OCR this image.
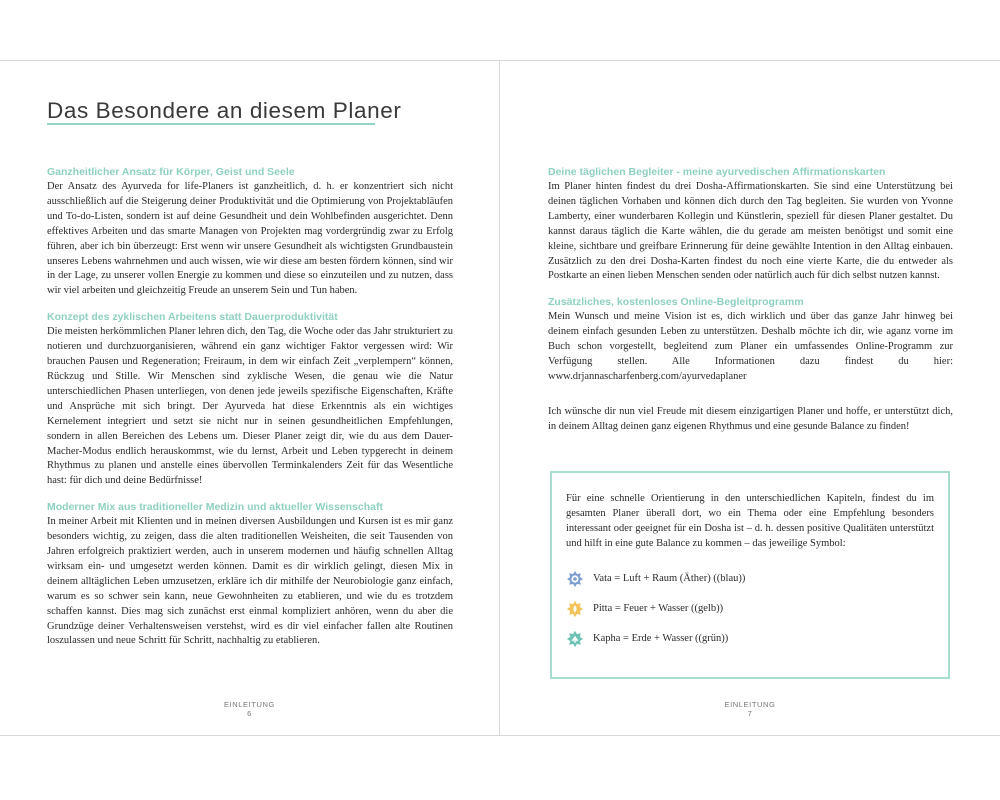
Das Besondere an diesem Planer
Ganzheitlicher Ansatz für Körper, Geist und Seele
Der Ansatz des Ayurveda for life-Planers ist ganzheitlich, d. h. er konzentriert sich nicht ausschließlich auf die Steigerung deiner Produktivität und die Optimierung von Projektabläufen und To-do-Listen, sondern ist auf deine Gesundheit und dein Wohlbefinden ausgerichtet. Denn effektives Arbeiten und das smarte Managen von Projekten mag vordergründig zwar zu Erfolg führen, aber ich bin überzeugt: Erst wenn wir unsere Gesundheit als wichtigsten Grundbaustein unseres Lebens wahrnehmen und auch wissen, wie wir diese am besten fördern können, sind wir in der Lage, zu unserer vollen Energie zu kommen und diese so einzuteilen und zu nutzen, dass wir viel arbeiten und gleichzeitig Freude an unserem Sein und Tun haben.
Konzept des zyklischen Arbeitens statt Dauerproduktivität
Die meisten herkömmlichen Planer lehren dich, den Tag, die Woche oder das Jahr strukturiert zu notieren und durchzuorganisieren, während ein ganz wichtiger Faktor vergessen wird: Wir brauchen Pausen und Regeneration; Freiraum, in dem wir einfach Zeit „verplempern“ können, Rückzug und Stille. Wir Menschen sind zyklische Wesen, die genau wie die Natur unterschiedlichen Phasen unterliegen, von denen jede jeweils spezifische Eigenschaften, Kräfte und Ansprüche mit sich bringt. Der Ayurveda hat diese Erkenntnis als ein wichtiges Kernelement integriert und setzt sie nicht nur in seinen gesundheitlichen Empfehlungen, sondern in allen Bereichen des Lebens um. Dieser Planer zeigt dir, wie du aus dem Dauer-Macher-Modus endlich herauskommst, wie du lernst, Arbeit und Leben typgerecht in deinem Rhythmus zu planen und anstelle eines übervollen Terminkalenders Zeit für das Wesentliche hast: für dich und deine Bedürfnisse!
Moderner Mix aus traditioneller Medizin und aktueller Wissenschaft
In meiner Arbeit mit Klienten und in meinen diversen Ausbildungen und Kursen ist es mir ganz besonders wichtig, zu zeigen, dass die alten traditionellen Weisheiten, die seit Tausenden von Jahren erfolgreich praktiziert werden, auch in unserem modernen und häufig schnellen Alltag wirksam ein- und umgesetzt werden können. Damit es dir wirklich gelingt, diesen Mix in deinem alltäglichen Leben umzusetzen, erkläre ich dir mithilfe der Neurobiologie ganz einfach, warum es so schwer sein kann, neue Gewohnheiten zu etablieren, und wie du es trotzdem schaffen kannst. Dies mag sich zunächst erst einmal kompliziert anhören, wenn du aber die Grundzüge deiner Verhaltensweisen verstehst, wird es dir viel einfacher fallen alte Routinen loszulassen und neue Schritt für Schritt, nachhaltig zu etablieren.
EINLEITUNG
6
Deine täglichen Begleiter - meine ayurvedischen Affirmationskarten
Im Planer hinten findest du drei Dosha-Affirmationskarten. Sie sind eine Unterstützung bei deinen täglichen Vorhaben und können dich durch den Tag begleiten. Sie wurden von Yvonne Lamberty, einer wunderbaren Kollegin und Künstlerin, speziell für diesen Planer gestaltet. Du kannst daraus täglich die Karte wählen, die du gerade am meisten benötigst und somit eine kleine, sichtbare und greifbare Erinnerung für deine gewählte Intention in den Alltag einbauen. Zusätzlich zu den drei Dosha-Karten findest du noch eine vierte Karte, die du entweder als Postkarte an einen lieben Menschen senden oder natürlich auch für dich selbst nutzen kannst.
Zusätzliches, kostenloses Online-Begleitprogramm
Mein Wunsch und meine Vision ist es, dich wirklich und über das ganze Jahr hinweg bei deinem einfach gesunden Leben zu unterstützen. Deshalb möchte ich dir, wie aganz vorne im Buch schon vorgestellt, begleitend zum Planer ein umfassendes Online-Programm zur Verfügung stellen. Alle Informationen dazu findest du hier: www.drjannascharfenberg.com/ayurvedaplaner
Ich wünsche dir nun viel Freude mit diesem einzigartigen Planer und hoffe, er unterstützt dich, in deinem Alltag deinen ganz eigenen Rhythmus und eine gesunde Balance zu finden!
Für eine schnelle Orientierung in den unterschiedlichen Kapiteln, findest du im gesamten Planer überall dort, wo ein Thema oder eine Empfehlung besonders interessant oder geeignet für ein Dosha ist – d. h. dessen positive Qualitäten unterstützt und hilft in eine gute Balance zu kommen – das jeweilige Symbol:
Vata = Luft + Raum (Äther) ((blau))
Pitta = Feuer + Wasser ((gelb))
Kapha = Erde + Wasser ((grün))
EINLEITUNG
7
